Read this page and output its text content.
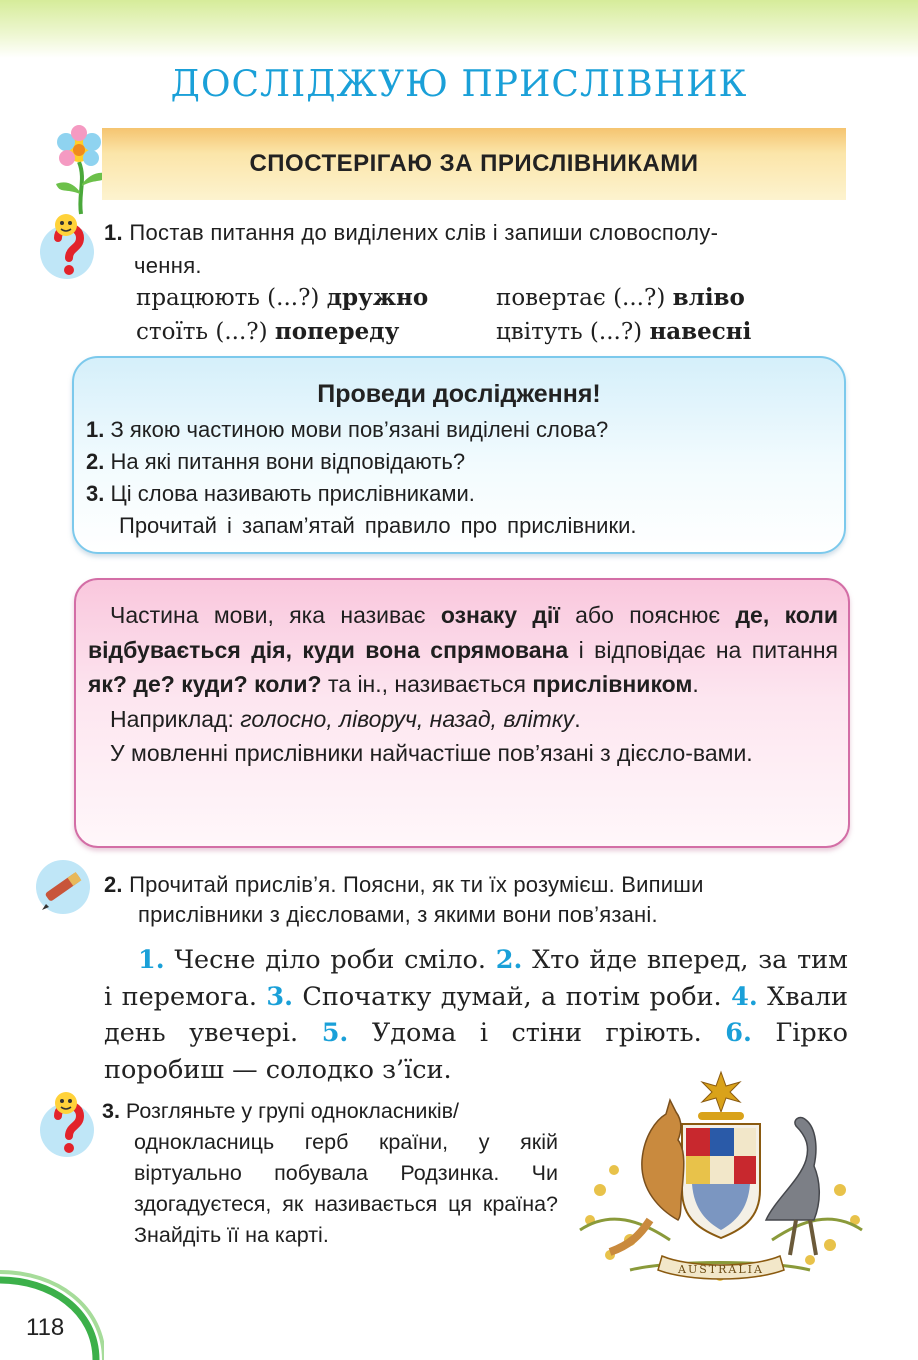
ДОСЛІДЖУЮ ПРИСЛІВНИК
СПОСТЕРІГАЮ ЗА ПРИСЛІВНИКАМИ
1. Постав питання до виділених слів і запиши словосполу-
чення.
працюють (...?) дружно	повертає (...?) вліво
стоїть (...?) попереду	цвітуть (...?) навесні
Проведи дослідження!
1. З якою частиною мови пов’язані виділені слова?
2. На які питання вони відповідають?
3. Ці слова називають прислівниками.
Прочитай і запам’ятай правило про прислівники.

Частина мови, яка називає ознаку дії або пояснює де, коли відбувається дія, куди вона спрямована і відповідає на питання як? де? куди? коли? та ін., називається прислівником.

Наприклад: голосно, ліворуч, назад, влітку.

У мовленні прислівники найчастіше пов’язані з дієсло-вами.

2. Прочитай прислів’я. Поясни, як ти їх розумієш. Випиши
прислівники з дієсловами, з якими вони пов’язані.
1. Чесне діло роби сміло. 2. Хто йде вперед, за тим і перемога. 3. Спочатку думай, а потім роби. 4. Хвали день увечері. 5. Удома і стіни гріють. 6. Гірко поробиш — солодко з’їси.
3. Розгляньте у групі однокласників/
однокласниць герб країни, у якій віртуально побувала Родзинка. Чи здогадуєтеся, як називається ця країна? Знайдіть її на карті.
AUSTRALIA
118
